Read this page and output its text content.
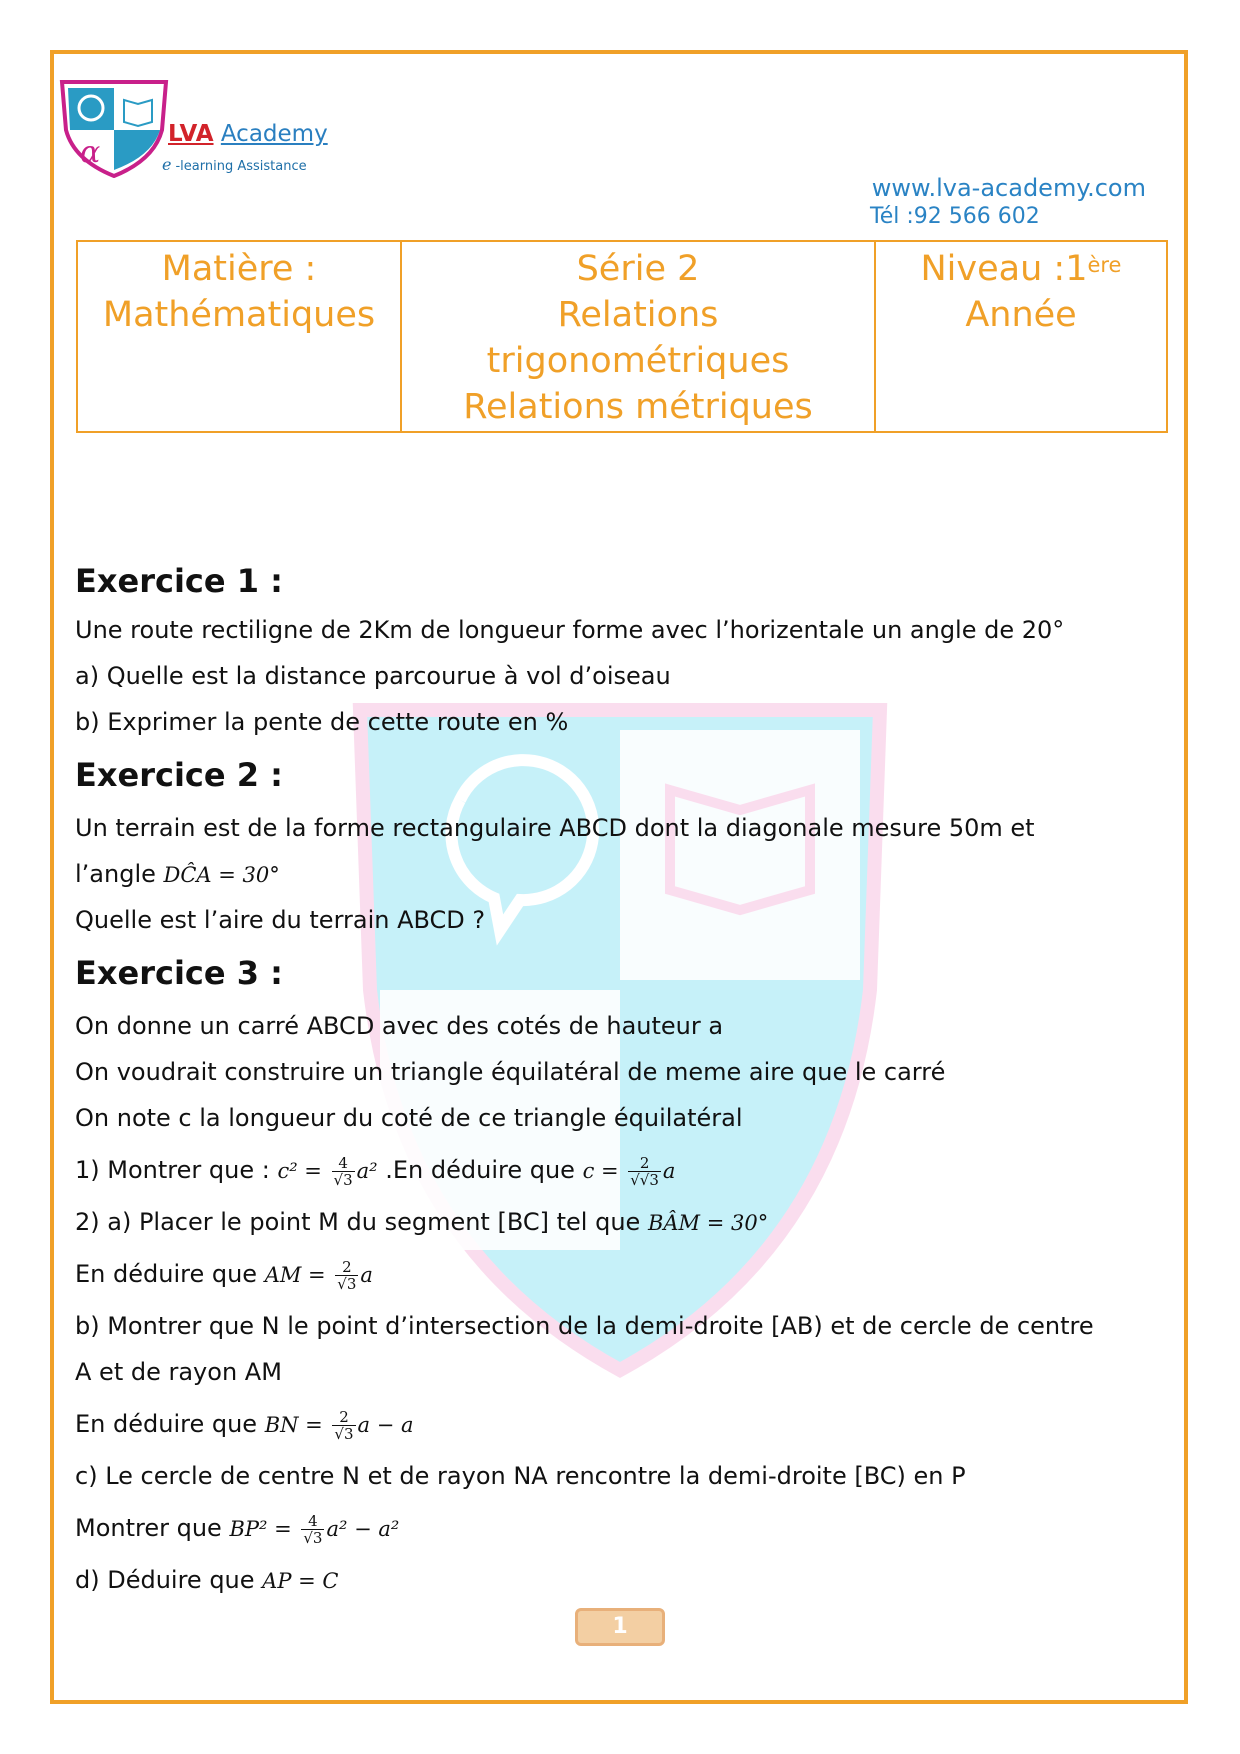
α
LVA Academy
e -learning Assistance
www.lva-academy.com
Tél :92 566 602
Matière :
Mathématiques

Série 2
Relations
trigonométriques
Relations métriques

Niveau :1ère
Année
Exercice 1 :

Une route rectiligne de 2Km de longueur forme avec l’horizentale un angle de 20°

a) Quelle est la distance parcourue à vol d’oiseau

b) Exprimer la pente de cette route en %

Exercice 2 :

Un terrain est de la forme rectangulaire ABCD dont la diagonale mesure 50m et

l’angle DĈA = 30°

Quelle est l’aire du terrain ABCD ?

Exercice 3 :

On donne un carré ABCD avec des cotés de hauteur a

On voudrait construire un triangle équilatéral de meme aire que le carré

On note c la longueur du coté de ce triangle équilatéral

1) Montrer que : $c^2 = \frac{4}{√3} a^2$ .En déduire que $c = \frac{2}{√√3}$ a

2) a) Placer le point M du segment [BC] tel que BÂM = 30°

En déduire que AM = $\frac{2}{√3}$ a

b) Montrer que N le point d’intersection de la demi-droite [AB) et de cercle de centre

A et de rayon AM

En déduire que BN = $\frac{2}{√3}$ a − a

c) Le cercle de centre N et de rayon NA rencontre la demi-droite [BC) en P

Montrer que $BP^2 = \frac{4}{√3} a^2 - a^2$

d) Déduire que AP = C

1
